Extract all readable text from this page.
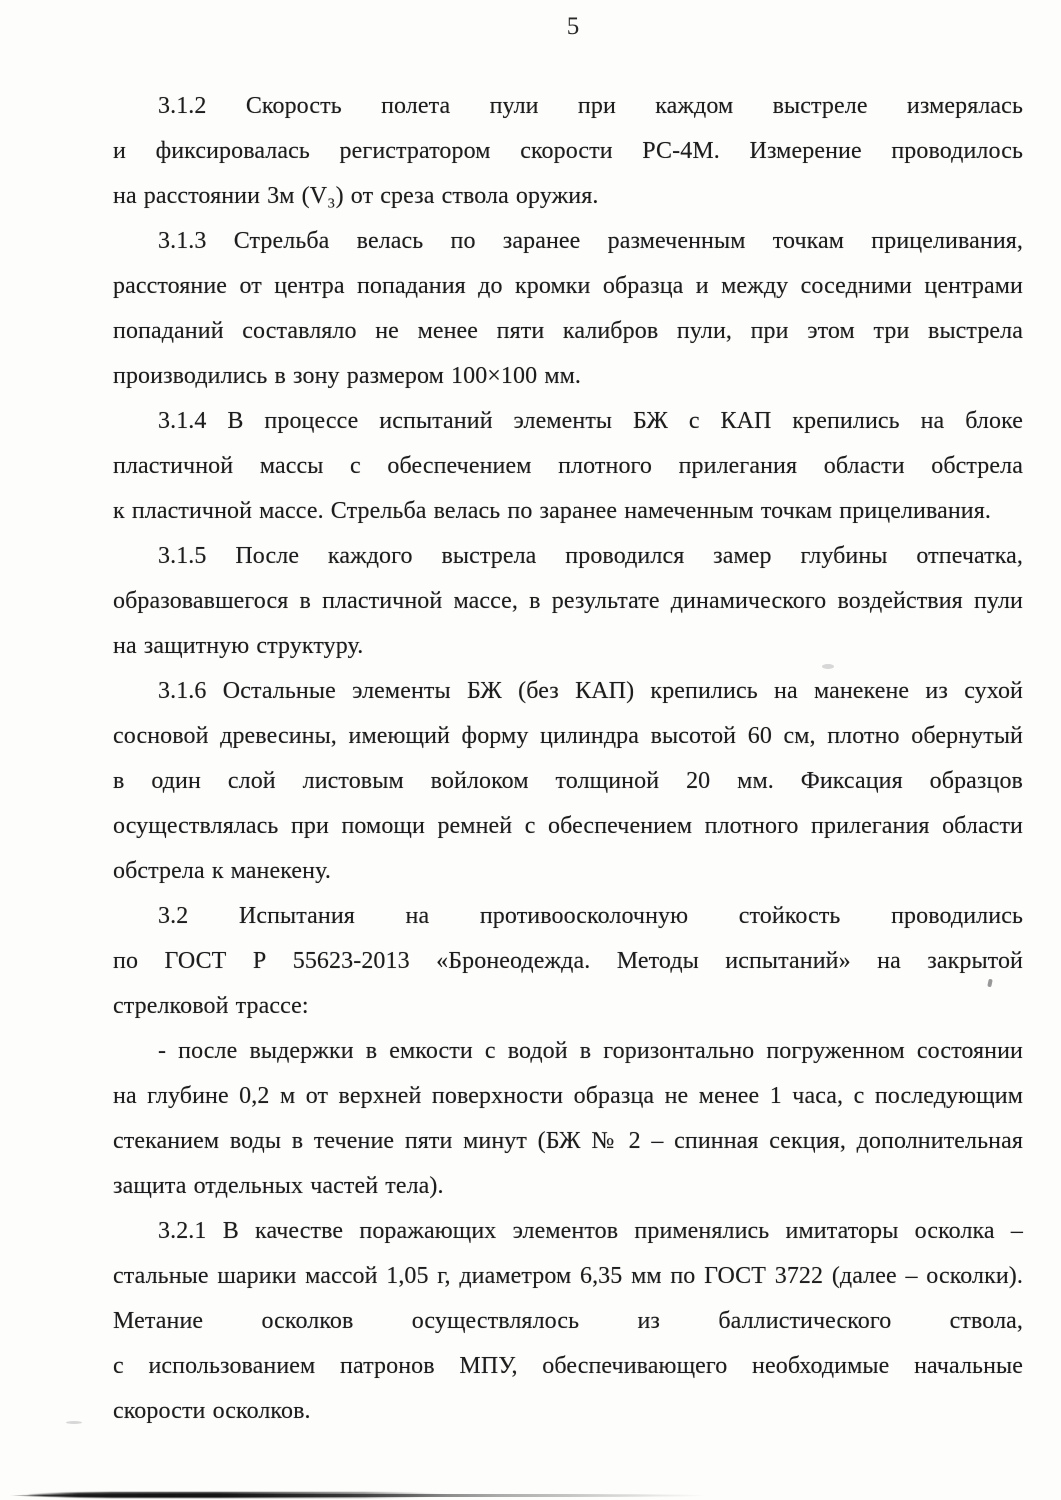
5
3.1.2 Скорость полета пули при каждом выстреле измерялась
и фиксировалась регистратором скорости РС-4М. Измерение проводилось
на расстоянии 3м (V₃) от среза ствола оружия.
3.1.3 Стрельба велась по заранее размеченным точкам прицеливания,
расстояние от центра попадания до кромки образца и между соседними центрами
попаданий составляло не менее пяти калибров пули, при этом три выстрела
производились в зону размером 100×100 мм.
3.1.4 В процессе испытаний элементы БЖ с КАП крепились на блоке
пластичной массы с обеспечением плотного прилегания области обстрела
к пластичной массе. Стрельба велась по заранее намеченным точкам прицеливания.
3.1.5 После каждого выстрела проводился замер глубины отпечатка,
образовавшегося в пластичной массе, в результате динамического воздействия пули
на защитную структуру.
3.1.6 Остальные элементы БЖ (без КАП) крепились на манекене из сухой
сосновой древесины, имеющий форму цилиндра высотой 60 см, плотно обернутый
в один слой листовым войлоком толщиной 20 мм. Фиксация образцов
осуществлялась при помощи ремней с обеспечением плотного прилегания области
обстрела к манекену.
3.2 Испытания на противоосколочную стойкость проводились
по ГОСТ Р 55623-2013 «Бронеодежда. Методы испытаний» на закрытой
стрелковой трассе:
- после выдержки в емкости с водой в горизонтально погруженном состоянии
на глубине 0,2 м от верхней поверхности образца не менее 1 часа, с последующим
стеканием воды в течение пяти минут (БЖ № 2 – спинная секция, дополнительная
защита отдельных частей тела).
3.2.1 В качестве поражающих элементов применялись имитаторы осколка –
стальные шарики массой 1,05 г, диаметром 6,35 мм по ГОСТ 3722 (далее – осколки).
Метание осколков осуществлялось из баллистического ствола,
с использованием патронов МПУ, обеспечивающего необходимые начальные
скорости осколков.
